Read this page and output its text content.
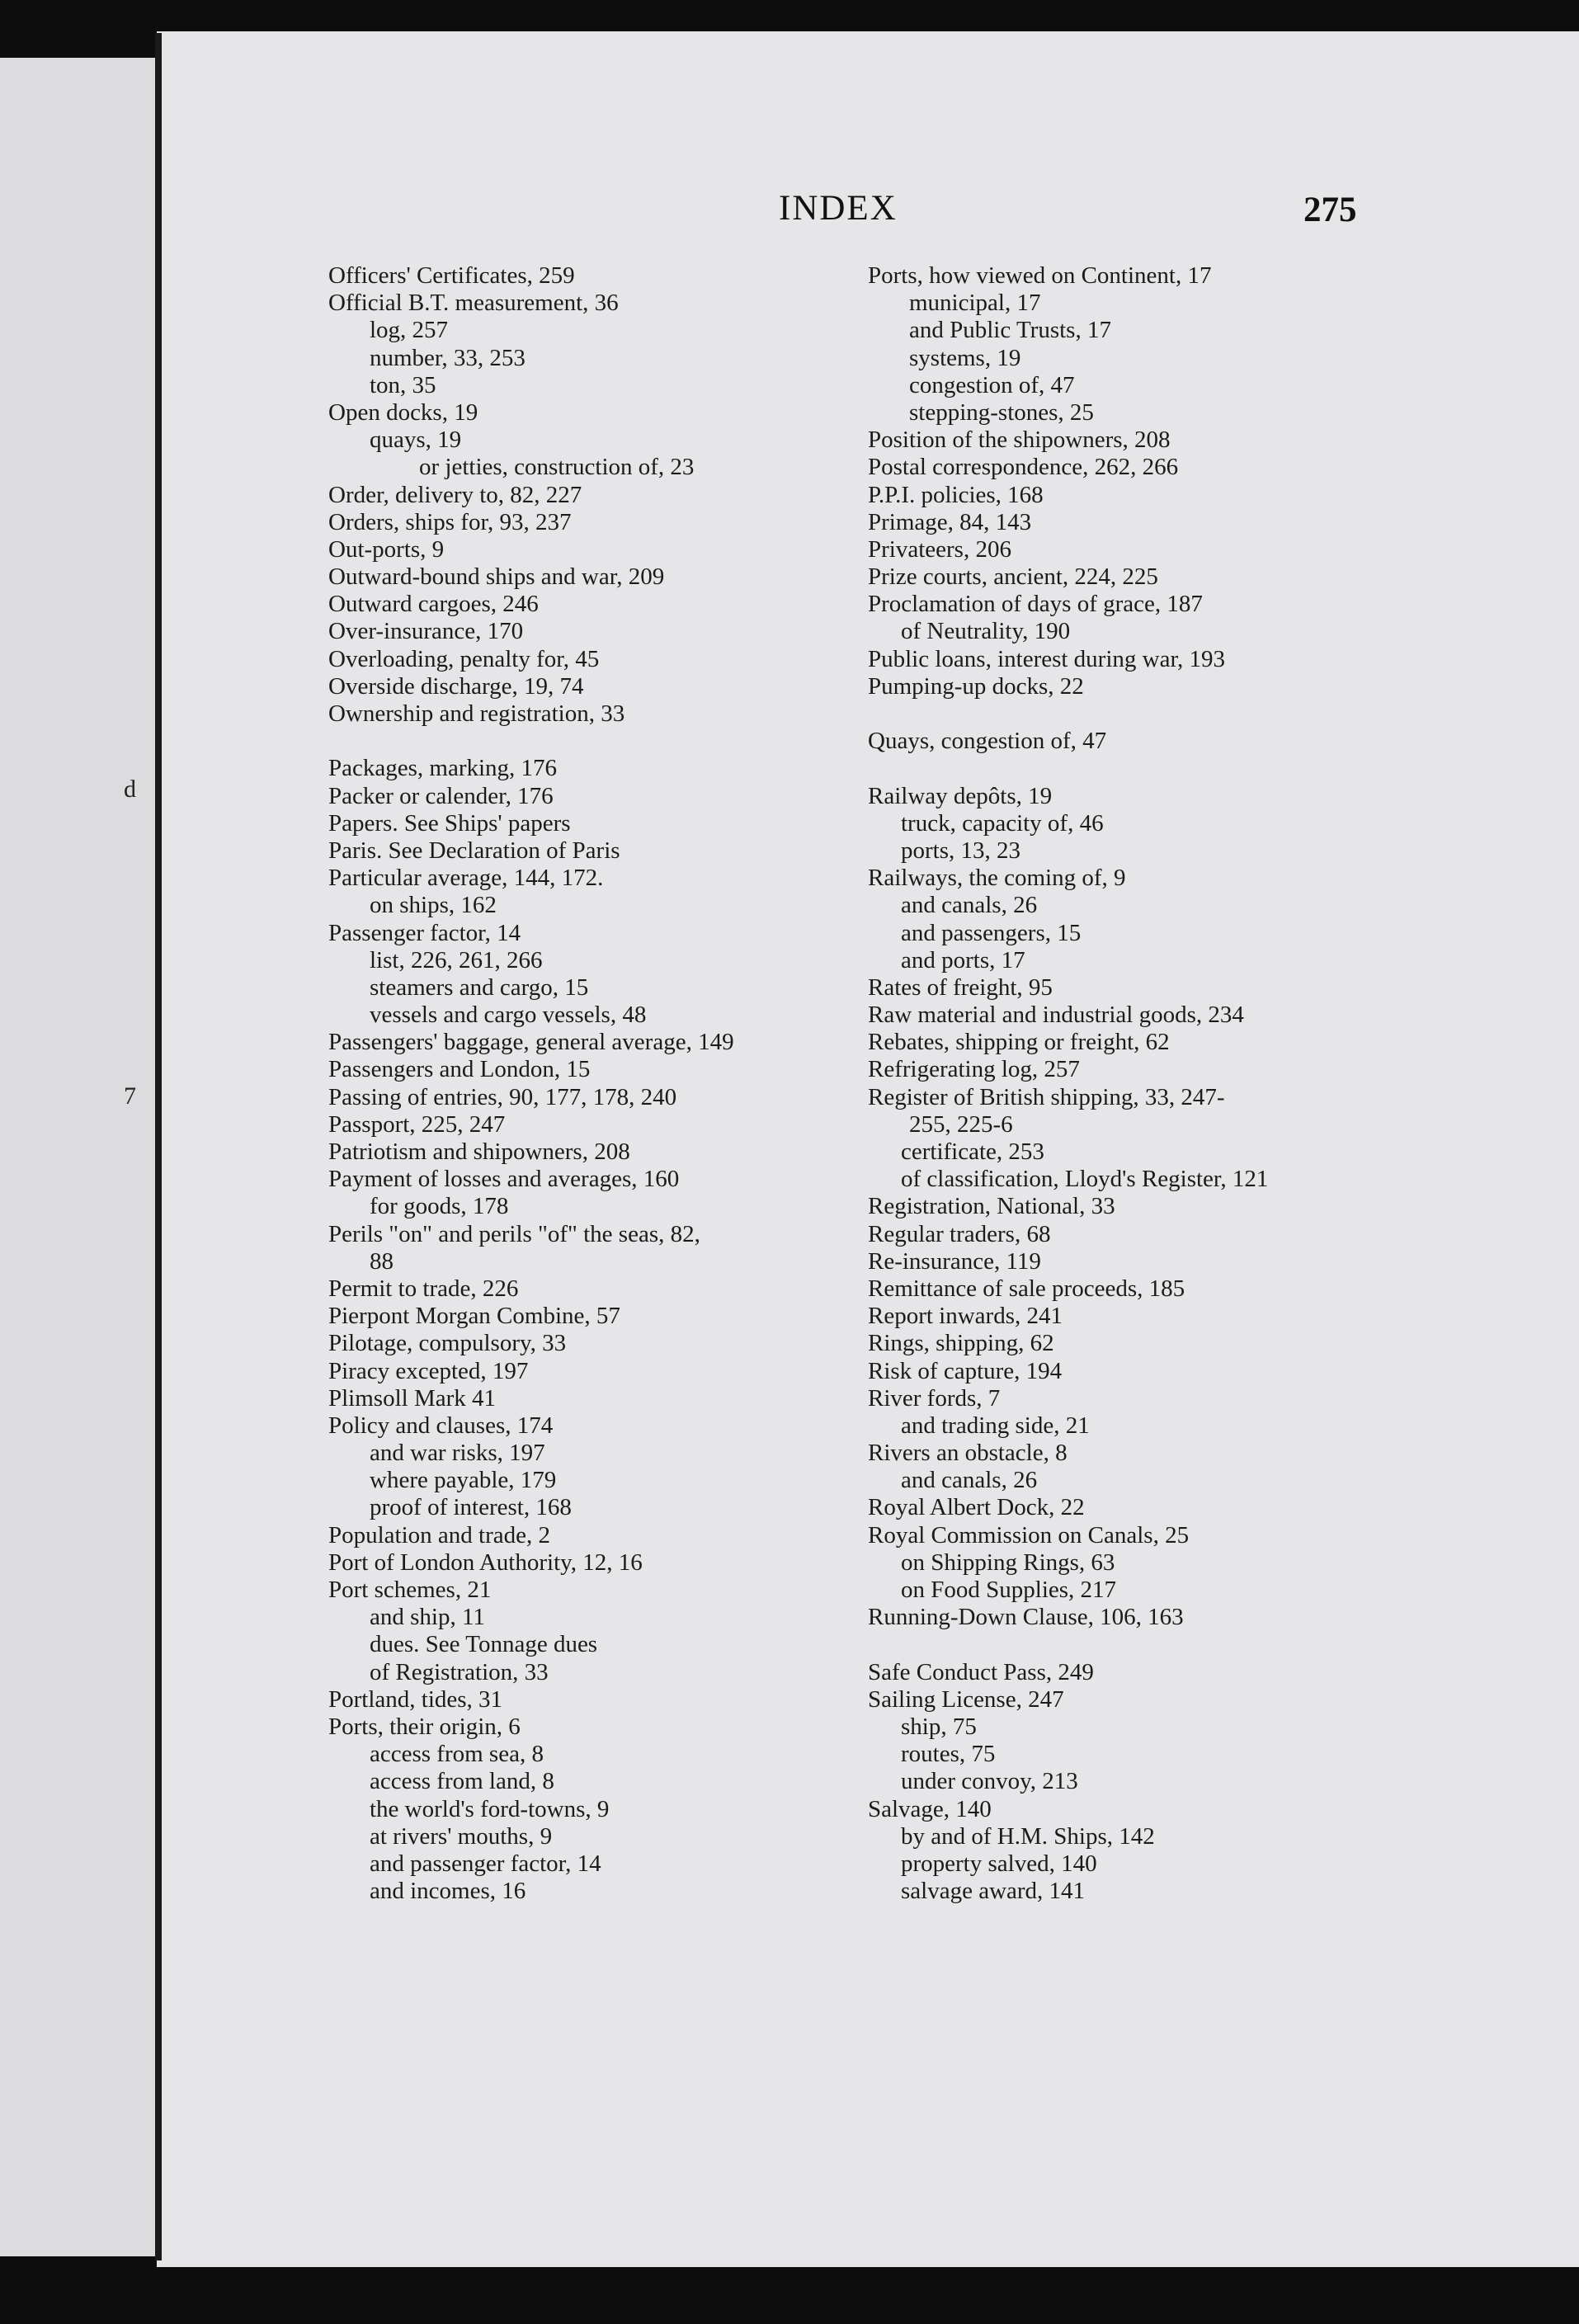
d
7
INDEX	275
Officers' Certificates, 259
Official B.T. measurement, 36
log, 257
number, 33, 253
ton, 35
Open docks, 19
quays, 19
or jetties, construction of, 23
Order, delivery to, 82, 227
Orders, ships for, 93, 237
Out-ports, 9
Outward-bound ships and war, 209
Outward cargoes, 246
Over-insurance, 170
Overloading, penalty for, 45
Overside discharge, 19, 74
Ownership and registration, 33
Packages, marking, 176
Packer or calender, 176
Papers. See Ships' papers
Paris. See Declaration of Paris
Particular average, 144, 172.
on ships, 162
Passenger factor, 14
list, 226, 261, 266
steamers and cargo, 15
vessels and cargo vessels, 48
Passengers' baggage, general average, 149
Passengers and London, 15
Passing of entries, 90, 177, 178, 240
Passport, 225, 247
Patriotism and shipowners, 208
Payment of losses and averages, 160
for goods, 178
Perils "on" and perils "of" the seas, 82,
88
Permit to trade, 226
Pierpont Morgan Combine, 57
Pilotage, compulsory, 33
Piracy excepted, 197
Plimsoll Mark 41
Policy and clauses, 174
and war risks, 197
where payable, 179
proof of interest, 168
Population and trade, 2
Port of London Authority, 12, 16
Port schemes, 21
and ship, 11
dues. See Tonnage dues
of Registration, 33
Portland, tides, 31
Ports, their origin, 6
access from sea, 8
access from land, 8
the world's ford-towns, 9
at rivers' mouths, 9
and passenger factor, 14
and incomes, 16
Ports, how viewed on Continent, 17
municipal, 17
and Public Trusts, 17
systems, 19
congestion of, 47
stepping-stones, 25
Position of the shipowners, 208
Postal correspondence, 262, 266
P.P.I. policies, 168
Primage, 84, 143
Privateers, 206
Prize courts, ancient, 224, 225
Proclamation of days of grace, 187
of Neutrality, 190
Public loans, interest during war, 193
Pumping-up docks, 22
Quays, congestion of, 47
Railway depôts, 19
truck, capacity of, 46
ports, 13, 23
Railways, the coming of, 9
and canals, 26
and passengers, 15
and ports, 17
Rates of freight, 95
Raw material and industrial goods, 234
Rebates, shipping or freight, 62
Refrigerating log, 257
Register of British shipping, 33, 247-
255, 225-6
certificate, 253
of classification, Lloyd's Register, 121
Registration, National, 33
Regular traders, 68
Re-insurance, 119
Remittance of sale proceeds, 185
Report inwards, 241
Rings, shipping, 62
Risk of capture, 194
River fords, 7
and trading side, 21
Rivers an obstacle, 8
and canals, 26
Royal Albert Dock, 22
Royal Commission on Canals, 25
on Shipping Rings, 63
on Food Supplies, 217
Running-Down Clause, 106, 163
Safe Conduct Pass, 249
Sailing License, 247
ship, 75
routes, 75
under convoy, 213
Salvage, 140
by and of H.M. Ships, 142
property salved, 140
salvage award, 141
